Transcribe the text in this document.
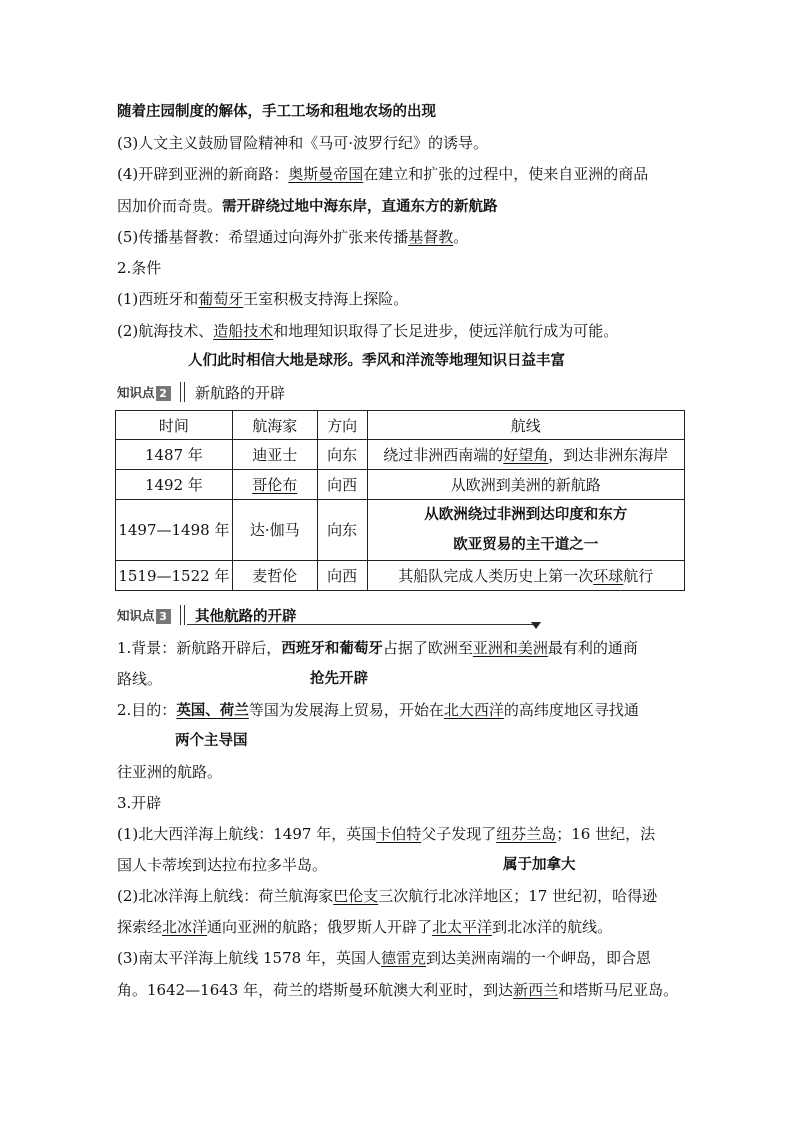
随着庄园制度的解体，手工工场和租地农场的出现
(3)人文主义鼓励冒险精神和《马可·波罗行纪》的诱导。
(4)开辟到亚洲的新商路：奥斯曼帝国在建立和扩张的过程中，使来自亚洲的商品
因加价而奇贵。需开辟绕过地中海东岸，直通东方的新航路
(5)传播基督教：希望通过向海外扩张来传播基督教。
2.条件
(1)西班牙和葡萄牙王室积极支持海上探险。
(2)航海技术、造船技术和地理知识取得了长足进步，使远洋航行成为可能。
人们此时相信大地是球形。季风和洋流等地理知识日益丰富
知识点 2 新航路的开辟
时间	航海家	方向	航线
1487 年	迪亚士	向东	绕过非洲西南端的好望角，到达非洲东海岸
1492 年	哥伦布	向西	从欧洲到美洲的新航路
1497—1498 年	达·伽马	向东	从欧洲绕过非洲到达印度和东方
欧亚贸易的主干道之一

1519—1522 年	麦哲伦	向西	其船队完成人类历史上第一次环球航行
知识点 3 其他航路的开辟
1.背景：新航路开辟后，西班牙和葡萄牙占据了欧洲至亚洲和美洲最有利的通商
路线。	抢先开辟
2.目的：英国、荷兰等国为发展海上贸易，开始在北大西洋的高纬度地区寻找通
两个主导国
往亚洲的航路。
3.开辟
(1)北大西洋海上航线：1497 年，英国卡伯特父子发现了纽芬兰岛；16 世纪，法
国人卡蒂埃到达拉布拉多半岛。	属于加拿大
(2)北冰洋海上航线：荷兰航海家巴伦支三次航行北冰洋地区；17 世纪初，哈得逊
探索经北冰洋通向亚洲的航路；俄罗斯人开辟了北太平洋到北冰洋的航线。
(3)南太平洋海上航线 1578 年，英国人德雷克到达美洲南端的一个岬岛，即合恩
角。1642—1643 年，荷兰的塔斯曼环航澳大利亚时，到达新西兰和塔斯马尼亚岛。
